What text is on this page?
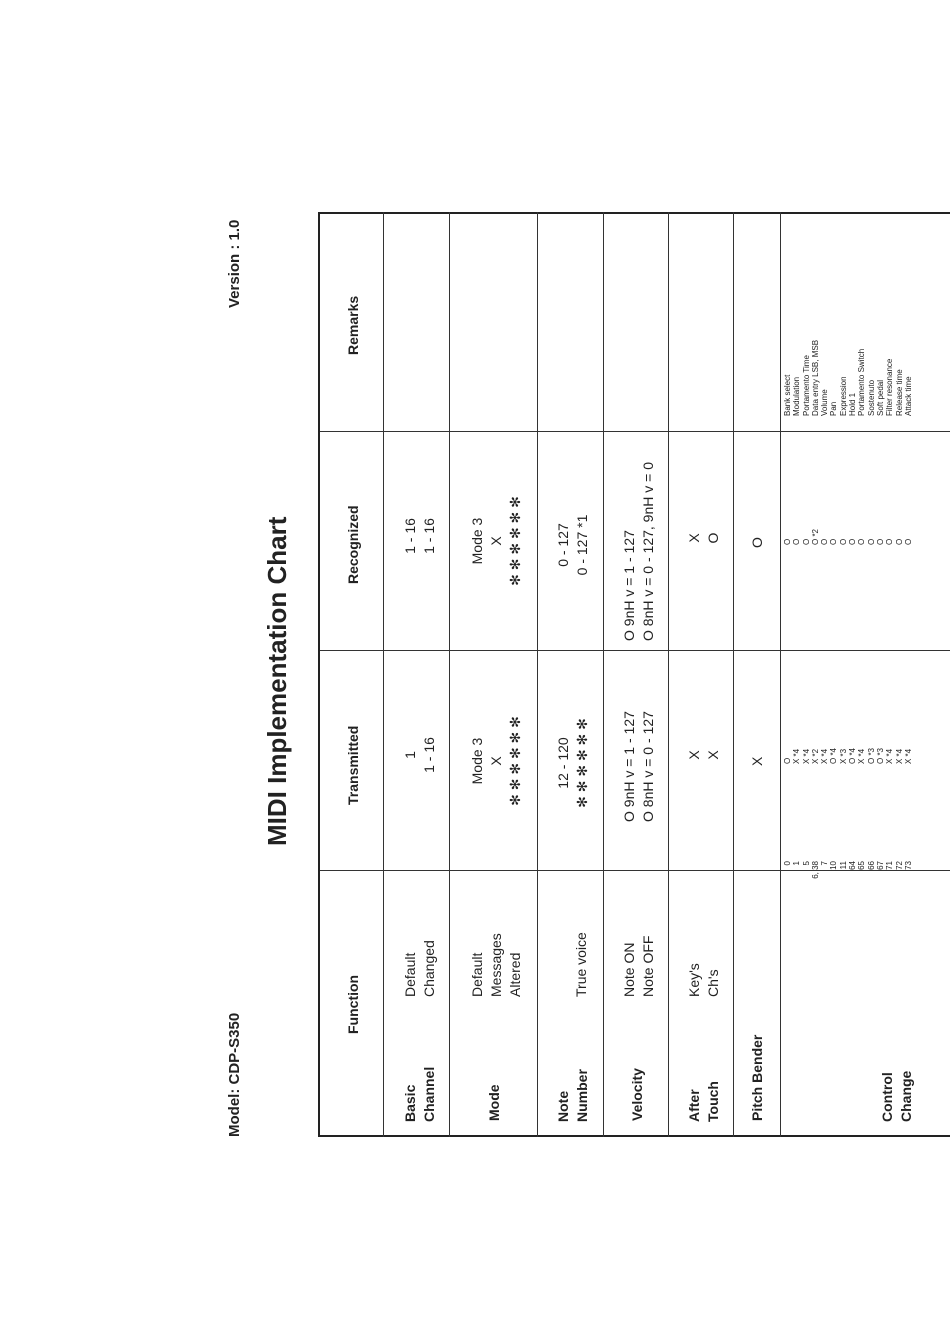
Model: CDP-S350
Version : 1.0
MIDI Implementation Chart
Function
Transmitted
Recognized
Remarks
Basic Channel
Default Changed
1 1 - 16
1 - 16 1 - 16
Mode
Default Messages Altered
Mode 3 X ✻ ✻ ✻ ✻ ✻ ✻
Mode 3 X ✻ ✻ ✻ ✻ ✻ ✻
Note Number
True voice
12 - 120 ✻ ✻ ✻ ✻ ✻ ✻
0 - 127 0 - 127 *1
Velocity
Note ON Note OFF
O 9nH v = 1 - 127 O 8nH v = 0 - 127
O 9nH v = 1 - 127 O 8nH v = 0 - 127, 9nH v = 0
After Touch
Key's Ch's
X X
X O
Pitch Bender
X
O
Control Change
0 1 5 6, 38 7 10 11 64 65 66 67 71 72 73
O X *4 X *4 X *2 X *4 O *4 X *3 O *4 X *4 O *3 O *3 X *4 X *4 X *4
O O O O *2 O O O O O O O O O O
Bank select Modulation Portamento Time Data entry LSB, MSB Volume Pan Expression Hold 1 Portamento Switch Sostenuto Soft pedal Filter resonance Release time Attack time
